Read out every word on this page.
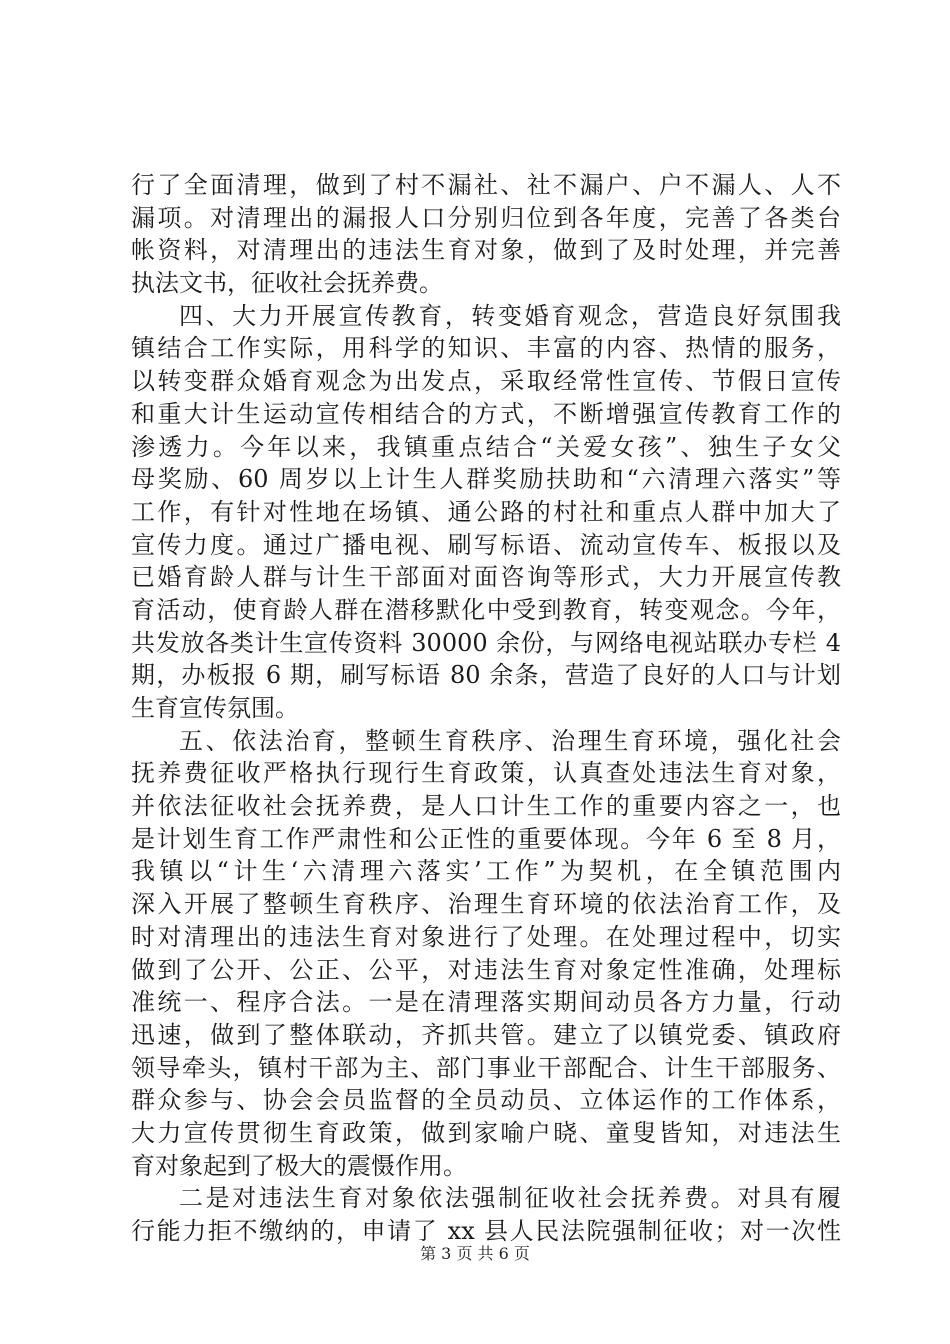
行了全面清理，做到了村不漏社、社不漏户、户不漏人、人不
漏项。对清理出的漏报人口分别归位到各年度，完善了各类台
帐资料，对清理出的违法生育对象，做到了及时处理，并完善
执法文书，征收社会抚养费。
四、大力开展宣传教育，转变婚育观念，营造良好氛围我
镇结合工作实际，用科学的知识、丰富的内容、热情的服务，
以转变群众婚育观念为出发点，采取经常性宣传、节假日宣传
和重大计生运动宣传相结合的方式，不断增强宣传教育工作的
渗透力。今年以来，我镇重点结合“关爱女孩”、独生子女父
母奖励、60 周岁以上计生人群奖励扶助和“六清理六落实”等
工作，有针对性地在场镇、通公路的村社和重点人群中加大了
宣传力度。通过广播电视、刷写标语、流动宣传车、板报以及
已婚育龄人群与计生干部面对面咨询等形式，大力开展宣传教
育活动，使育龄人群在潜移默化中受到教育，转变观念。今年，
共发放各类计生宣传资料 30000 余份，与网络电视站联办专栏 4
期，办板报 6 期，刷写标语 80 余条，营造了良好的人口与计划
生育宣传氛围。
五、依法治育，整顿生育秩序、治理生育环境，强化社会
抚养费征收严格执行现行生育政策，认真查处违法生育对象，
并依法征收社会抚养费，是人口计生工作的重要内容之一，也
是计划生育工作严肃性和公正性的重要体现。今年 6 至 8 月，
我镇以“计生‘六清理六落实’工作”为契机，在全镇范围内
深入开展了整顿生育秩序、治理生育环境的依法治育工作，及
时对清理出的违法生育对象进行了处理。在处理过程中，切实
做到了公开、公正、公平，对违法生育对象定性准确，处理标
准统一、程序合法。一是在清理落实期间动员各方力量，行动
迅速，做到了整体联动，齐抓共管。建立了以镇党委、镇政府
领导牵头，镇村干部为主、部门事业干部配合、计生干部服务、
群众参与、协会会员监督的全员动员、立体运作的工作体系，
大力宣传贯彻生育政策，做到家喻户晓、童叟皆知，对违法生
育对象起到了极大的震慑作用。
二是对违法生育对象依法强制征收社会抚养费。对具有履
行能力拒不缴纳的，申请了 xx 县人民法院强制征收；对一次性
第 3 页 共 6 页
